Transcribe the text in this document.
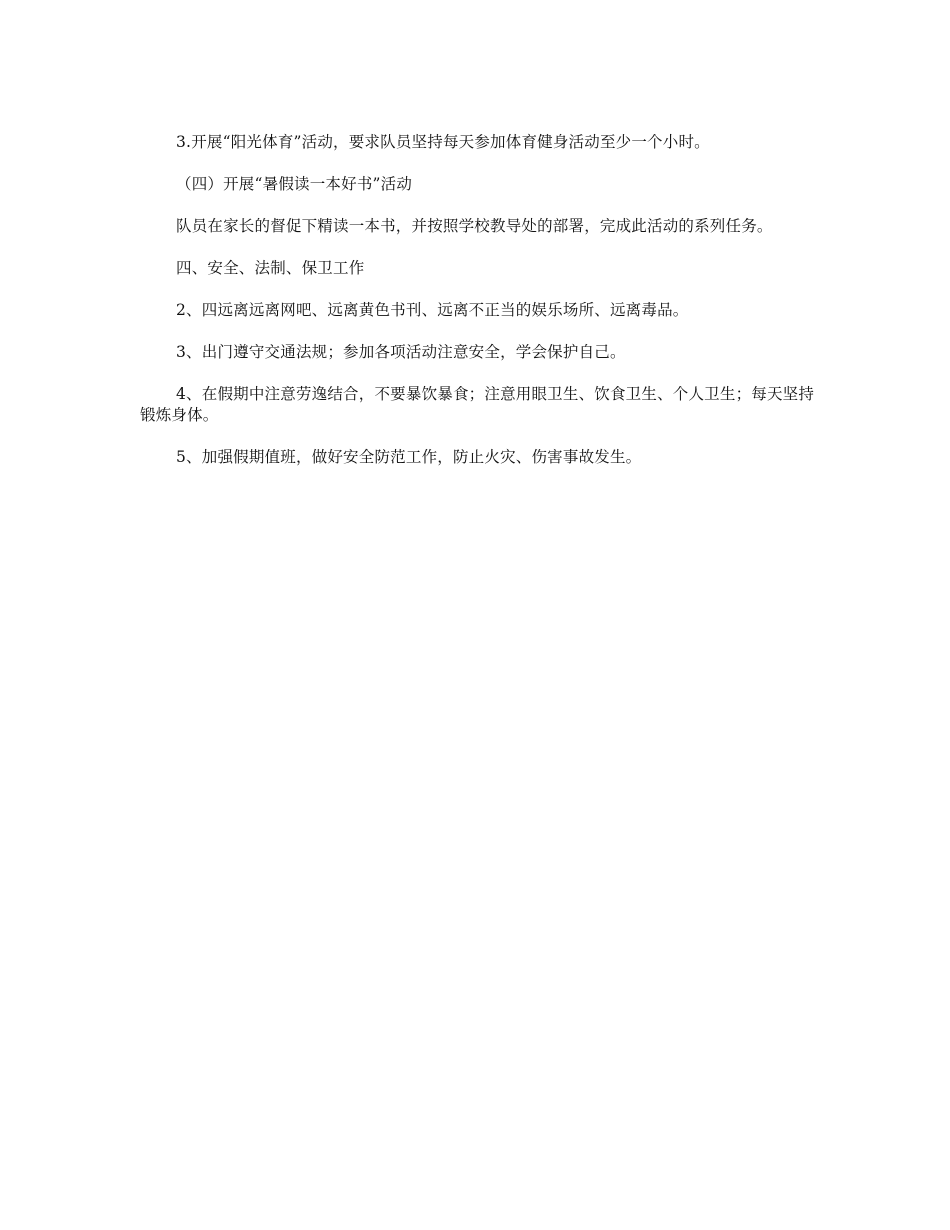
3.开展“阳光体育”活动，要求队员坚持每天参加体育健身活动至少一个小时。

（四）开展“暑假读一本好书”活动

队员在家长的督促下精读一本书，并按照学校教导处的部署，完成此活动的系列任务。

四、安全、法制、保卫工作

2、四远离远离网吧、远离黄色书刊、远离不正当的娱乐场所、远离毒品。

3、出门遵守交通法规；参加各项活动注意安全，学会保护自己。

4、在假期中注意劳逸结合，不要暴饮暴食；注意用眼卫生、饮食卫生、个人卫生；每天坚持锻炼身体。

5、加强假期值班，做好安全防范工作，防止火灾、伤害事故发生。
